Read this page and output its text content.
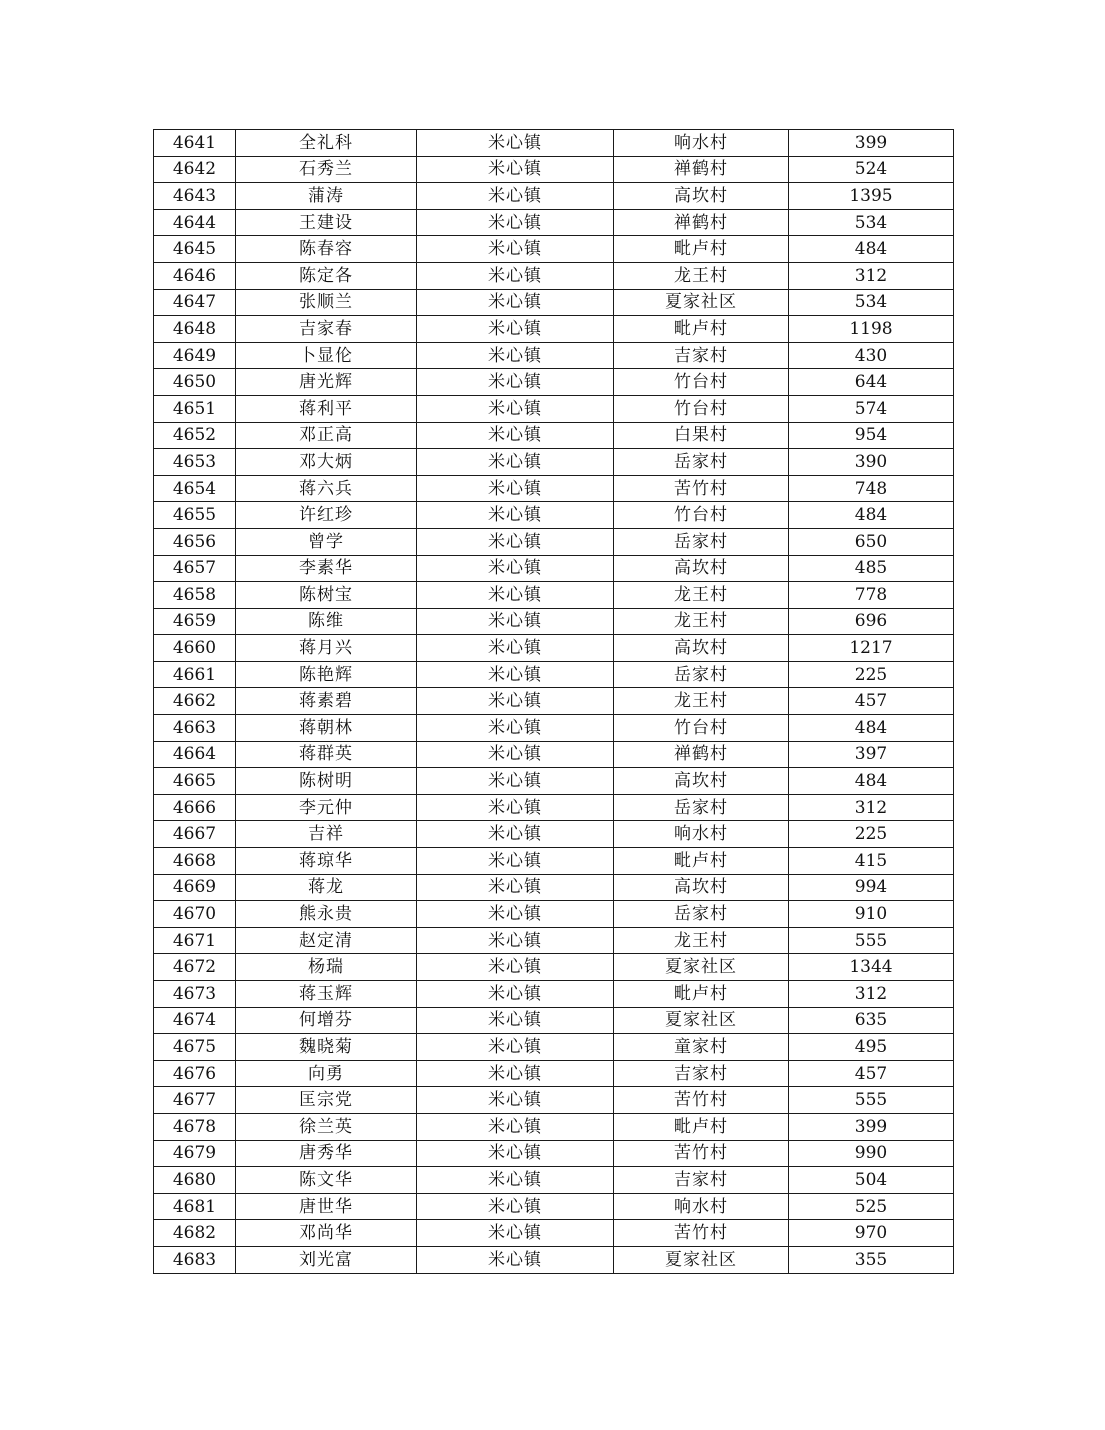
4641	全礼科	米心镇	响水村	399
4642	石秀兰	米心镇	禅鹤村	524
4643	蒲涛	米心镇	高坎村	1395
4644	王建设	米心镇	禅鹤村	534
4645	陈春容	米心镇	毗卢村	484
4646	陈定各	米心镇	龙王村	312
4647	张顺兰	米心镇	夏家社区	534
4648	吉家春	米心镇	毗卢村	1198
4649	卜显伦	米心镇	吉家村	430
4650	唐光辉	米心镇	竹台村	644
4651	蒋利平	米心镇	竹台村	574
4652	邓正高	米心镇	白果村	954
4653	邓大炳	米心镇	岳家村	390
4654	蒋六兵	米心镇	苦竹村	748
4655	许红珍	米心镇	竹台村	484
4656	曾学	米心镇	岳家村	650
4657	李素华	米心镇	高坎村	485
4658	陈树宝	米心镇	龙王村	778
4659	陈维	米心镇	龙王村	696
4660	蒋月兴	米心镇	高坎村	1217
4661	陈艳辉	米心镇	岳家村	225
4662	蒋素碧	米心镇	龙王村	457
4663	蒋朝林	米心镇	竹台村	484
4664	蒋群英	米心镇	禅鹤村	397
4665	陈树明	米心镇	高坎村	484
4666	李元仲	米心镇	岳家村	312
4667	吉祥	米心镇	响水村	225
4668	蒋琼华	米心镇	毗卢村	415
4669	蒋龙	米心镇	高坎村	994
4670	熊永贵	米心镇	岳家村	910
4671	赵定清	米心镇	龙王村	555
4672	杨瑞	米心镇	夏家社区	1344
4673	蒋玉辉	米心镇	毗卢村	312
4674	何增芬	米心镇	夏家社区	635
4675	魏晓菊	米心镇	童家村	495
4676	向勇	米心镇	吉家村	457
4677	匡宗党	米心镇	苦竹村	555
4678	徐兰英	米心镇	毗卢村	399
4679	唐秀华	米心镇	苦竹村	990
4680	陈文华	米心镇	吉家村	504
4681	唐世华	米心镇	响水村	525
4682	邓尚华	米心镇	苦竹村	970
4683	刘光富	米心镇	夏家社区	355
